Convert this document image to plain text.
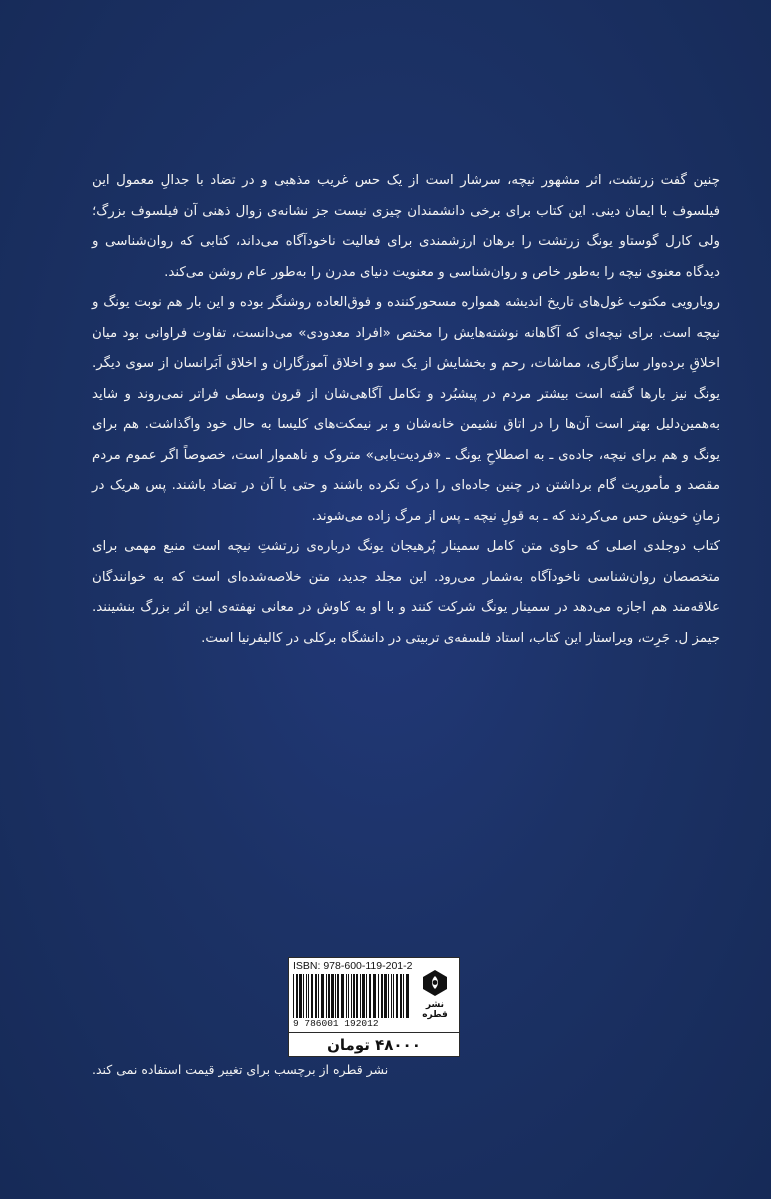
چنین گفت زرتشت، اثر مشهور نیچه، سرشار است از یک حس غریب مذهبی و در تضاد با جدالِ معمول این فیلسوف با ایمان دینی. این کتاب برای برخی دانشمندان چیزی نیست جز نشانه‌ی زوال ذهنی آن فیلسوف بزرگ؛ ولی کارل گوستاو یونگ زرتشت را برهان ارزشمندی برای فعالیت ناخودآگاه می‌داند، کتابی که روان‌شناسی و دیدگاه معنوی نیچه را به‌طور خاص و روان‌شناسی و معنویت دنیای مدرن را به‌طور عام روشن می‌کند.

رویارویی مکتوب غول‌های تاریخ اندیشه همواره مسحورکننده و فوق‌العاده روشنگر بوده و این بار هم نوبت یونگ و نیچه است. برای نیچه‌ای که آگاهانه نوشته‌هایش را مختص «افراد معدودی» می‌دانست، تفاوت فراوانی بود میان اخلاقِ برده‌وار سازگاری، مماشات، رحم و بخشایش از یک سو و اخلاق آموزگاران و اخلاق اَبَرانسان از سوی دیگر. یونگ نیز بارها گفته است بیشتر مردم در پیشبُرد و تکامل آگاهی‌شان از قرون وسطی فراتر نمی‌روند و شاید به‌همین‌دلیل بهتر است آن‌ها را در اتاق نشیمن خانه‌شان و بر نیمکت‌های کلیسا به حال خود واگذاشت. هم برای یونگ و هم برای نیچه، جاده‌ی ـ به اصطلاحِ یونگ ـ «فردیت‌یابی» متروک و ناهموار است، خصوصاً اگر عموم مردم مقصد و مأموریت گام برداشتن در چنین جاده‌ای را درک نکرده باشند و حتی با آن در تضاد باشند. پس هریک در زمانِ خویش حس می‌کردند که ـ به قولِ نیچه ـ پس از مرگ زاده می‌شوند.

کتاب دوجلدی اصلی که حاوی متن کامل سمینار پُرهیجان یونگ درباره‌ی زرتشتِ نیچه است منبع مهمی برای متخصصان روان‌شناسی ناخودآگاه به‌شمار می‌رود. این مجلد جدید، متن خلاصه‌شده‌ای است که به خوانندگان علاقه‌مند هم اجازه می‌دهد در سمینار یونگ شرکت کنند و با او به کاوش در معانی نهفته‌ی این اثر بزرگ بنشینند. جیمز ل. جَرِت، ویراستار این کتاب، استاد فلسفه‌ی تربیتی در دانشگاه برکلی در کالیفرنیا است.

ISBN: 978-600-119-201-2
9 786001 192012
نشر قطره
۴۸۰۰۰ تومان
نشر قطره از برچسب برای تغییر قیمت استفاده نمی کند.
